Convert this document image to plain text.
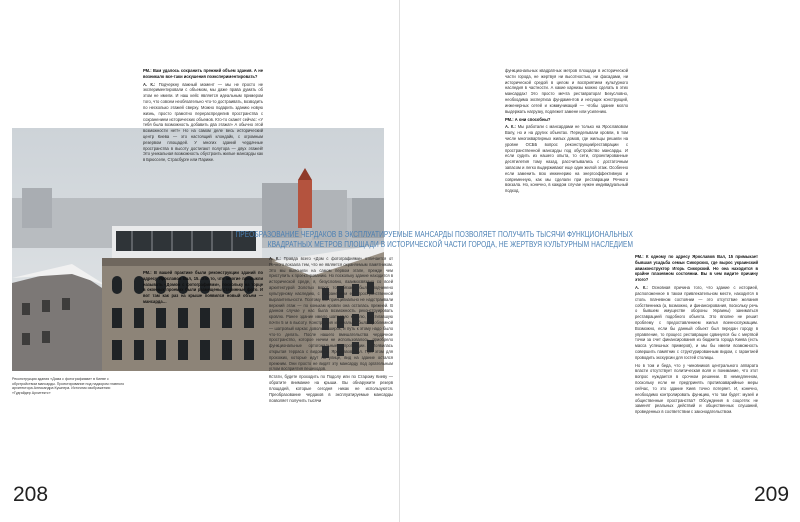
Реконструкция здания «Дома с фотографиями» в Киеве с обустройством мансарды. Проектирование под надзором главного архитектора Александра Кушнера. Источник изображения: «Гудгайдер Архитектс»

РМ.: Вам удалось сохранить прежний объем здания. А не возникало все-таки искушения поэкспериментировать?

А. К.: Подчеркну важный момент — мы не просто не экспериментировали с объемом, мы даже права думать об этом не имели. И наш кейс является идеальным примером того, что совсем необязательно что-то достраивать, возводить по несколько этажей сверху. Можно подарить зданию новую жизнь, просто грамотно перераспределив пространства с сохранением исторических объемов. Кто-то скажет сейчас: «У тебя была возможность добавить два этажа!» А обычно этой возможности нет!» Но на самом деле весь исторический центр Киева — это настоящий клондайк, с огромным резервом площадей. У многих зданий чердачные пространства в высоту достигают полутора — двух этажей! Это уникальная возможность обустроить жилые мансарды как в Брюсселе, Страсбурге или Париже.

РМ.: В вашей практике были реконструкции зданий по адресу Ярославов Вал, 15. Это то, что многие привыкли называть «Домом с фотографиями», поскольку на торце в оконных проемах были размещены старинные фото. И вот там как раз на крыше появился новый объем — мансарда…

А. К.: Правда всего «Дом с фотографиями» отличается от Речного вокзала тем, что не является охраняемым памятником. Это мы выяснили на самом первом этапе, прежде чем приступить к проектированию. Но поскольку здание находится в исторической среде, я, безусловно, взаимосвязано со всей архитектурой Золотых ворот, то обязано было подчинено культурному наследию, с сохранением его пространственной выразительности. Поэтому мы принципиально не надстраивали верхний этаж — по конькам кровли она осталась прежней. В данном случае у нас была возможность реконструировать кровлю. Ранее здание имело шатровую кровлю, достигавшую почти 5 м в высоту. Конструкция изначально была проблемной — шатровый каркас довольно широк, и путь к этому надо было что-то делать. После нашего вмешательства чердачное пространство, которое ничем не использовалось, приобрело функциональные ортогональные пропорции. Появилась открытая терраса с видом на Ярославов Вал. При этом для прохожих, которые идут по улице, вид на здание остался прежним. Они просто не видят эту мансарду под эргательным углом восприятия пешеходов.

Кстати, будете проходить по Подолу или по Старому Киеву — обратите внимание на крыши. Вы обнаружите резерв площадей, которые сегодня никак не используются. Преобразование чердаков в эксплуатируемые мансарды позволяет получить тысячи

208

функциональных квадратных метров площади в исторической части города, не жертвуя ни высотностью, ни фасадами, ни исторической средой в целом и восприятием культурного наследия в частности. А какие карнизы можно сделать в этих мансардах! Это просто мечта реставратора! Безусловно, необходима экспертиза фундаментов и несущих конструкций, инженерных сетей и коммуникаций — чтобы здание могло выдержать нагрузку, подлежит замене или усилению.

РМ.: А они способны?

А. К.: Мы работали с мансардами не только на Ярославовом Валу, но и на других объектах. Передельвали кровли, в том числе многоквартирных жилых домов, где жильцы решили на уровне ОСББ вопрос реконструкции/реставрации с пространственной мансарды под обустройство мансарды. И если судить из нашего опыта, то сети, спроектированные десятилетия тому назад, рассчитывались с достаточным запасом и легко выдерживают еще один жилой этаж. Особенно если заменить всю инженерию на энергоэффективную и современную, как мы сделали при реставрации Речного вокзала. Но, конечно, в каждом случае нужен индивидуальный подход.

РМ.: К одному по адресу Ярославов Вал, 15 примыкает бывшая усадьба семьи Сикорских, где вырос украинский авиаконструктор Игорь Сикорский. Но она находится в крайне плачевном состоянии. Вы в чем видите причину этого?

А. К.: Основная причина того, что здание с историей, расположенное в таком привлекательном месте, находится в столь плачевном состоянии — это отсутствие желания собственника (а, возможно, и финансирования, поскольку речь о бывшем имуществе обороны Украины) заниматься реставрацией подобного объекта. Это вполне не решит проблему с предоставлением жилья военнослужащим. Возможно, если бы данный объект был передан городу в управление, то процесс реставрации сдвинулся бы с мертвой точки за счет финансирования из бюджета города Киева (есть масса успешных примеров), и мы бы имели возможность совершить памятник с структурированным видом, с гарантией проводить экскурсии для гостей столицы.

Но в том и беда, что у чиновников центрального аппарата власти отсутствует политическая воля и понимание, что этот вопрос нуждается в срочном решении. В немедленном, поскольку если не предпринять противоаварийные меры сейчас, то это здание Киев точно потеряет. И, конечно, необходимо контролировать функцию, что там будет: музей и общественные пространства? Обсуждения в соцсетях не заменят реальных действий и общественных слушаний, проведенных в соответствии с законодательством.

ПРЕОБРАЗОВАНИЕ ЧЕРДАКОВ В ЭКСПЛУАТИРУЕМЫЕ МАНСАРДЫ ПОЗВОЛЯЕТ ПОЛУЧИТЬ ТЫСЯЧИ ФУНКЦИОНАЛЬНЫХ КВАДРАТНЫХ МЕТРОВ ПЛОЩАДИ В ИСТОРИЧЕСКОЙ ЧАСТИ ГОРОДА, НЕ ЖЕРТВУЯ КУЛЬТУРНЫМ НАСЛЕДИЕМ
209
